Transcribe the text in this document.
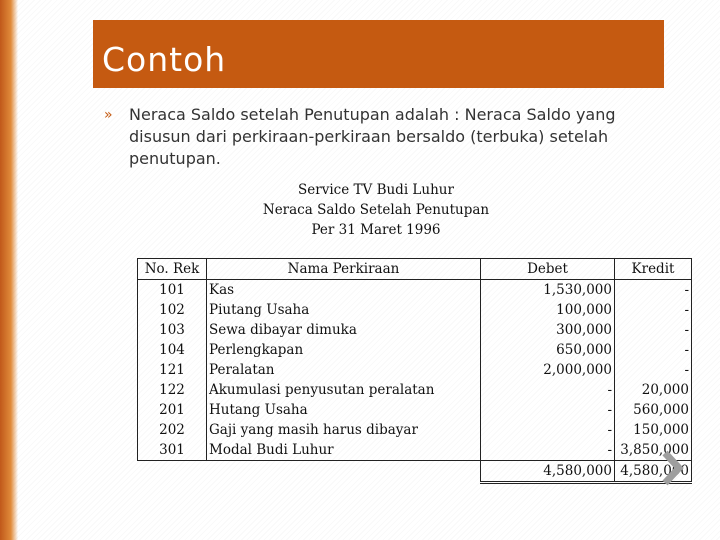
Contoh
» Neraca Saldo setelah Penutupan adalah : Neraca Saldo yang disusun dari perkiraan-perkiraan bersaldo (terbuka) setelah penutupan.
Service TV Budi Luhur
Neraca Saldo Setelah Penutupan
Per 31 Maret 1996
No. Rek	Nama Perkiraan	Debet	Kredit
101	Kas	1,530,000	-
102	Piutang Usaha	100,000	-
103	Sewa dibayar dimuka	300,000	-
104	Perlengkapan	650,000	-
121	Peralatan	2,000,000	-
122	Akumulasi penyusutan peralatan	-	20,000
201	Hutang Usaha	-	560,000
202	Gaji yang masih harus dibayar	-	150,000
301	Modal Budi Luhur	-	3,850,000
		4,580,000	4,580,000
